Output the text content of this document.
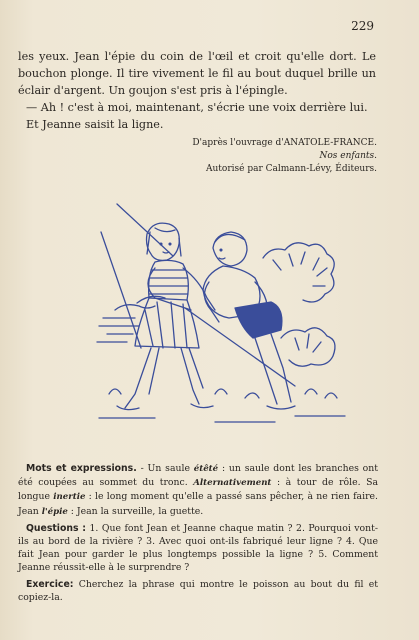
229

les yeux. Jean l'épie du coin de l'œil et croit qu'elle dort. Le bouchon plonge. Il tire vivement le fil au bout duquel brille un éclair d'argent. Un goujon s'est pris à l'épingle.

— Ah ! c'est à moi, maintenant, s'écrie une voix derrière lui.

Et Jeanne saisit la ligne.

D'après l'ouvrage d'ANATOLE-FRANCE.
Nos enfants.
Autorisé par Calmann-Lévy, Éditeurs.

Mots et expressions. - Un saule étêté : un saule dont les branches ont été coupées au sommet du tronc. Alternativement : à tour de rôle. Sa longue inertie : le long moment qu'elle a passé sans pêcher, à ne rien faire. Jean l'épie : Jean la surveille, la guette.

Questions : 1. Que font Jean et Jeanne chaque matin ? 2. Pourquoi vont-ils au bord de la rivière ? 3. Avec quoi ont-ils fabriqué leur ligne ? 4. Que fait Jean pour garder le plus longtemps possible la ligne ? 5. Comment Jeanne réussit-elle à le surprendre ?

Exercice: Cherchez la phrase qui montre le poisson au bout du fil et copiez-la.
